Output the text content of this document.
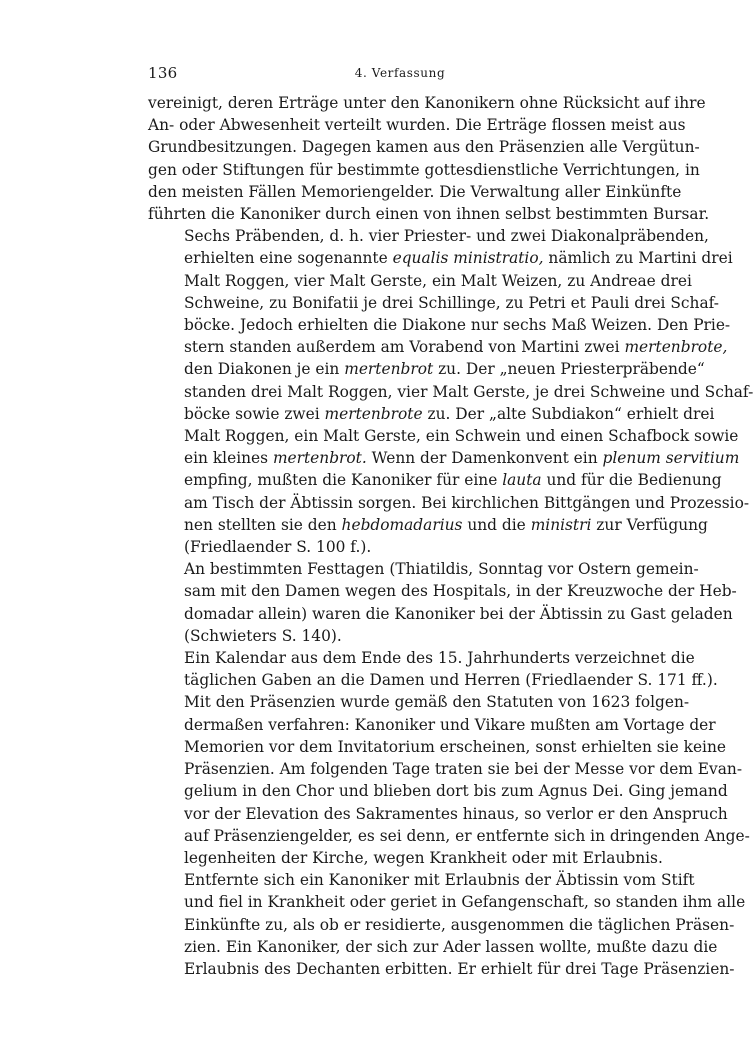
136	4. Verfassung
vereinigt, deren Erträge unter den Kanonikern ohne Rücksicht auf ihre
An- oder Abwesenheit verteilt wurden. Die Erträge flossen meist aus
Grundbesitzungen. Dagegen kamen aus den Präsenzien alle Vergütun-
gen oder Stiftungen für bestimmte gottesdienstliche Verrichtungen, in
den meisten Fällen Memoriengelder. Die Verwaltung aller Einkünfte
führten die Kanoniker durch einen von ihnen selbst bestimmten Bursar.
Sechs Präbenden, d. h. vier Priester- und zwei Diakonalpräbenden,
erhielten eine sogenannte equalis ministratio, nämlich zu Martini drei
Malt Roggen, vier Malt Gerste, ein Malt Weizen, zu Andreae drei
Schweine, zu Bonifatii je drei Schillinge, zu Petri et Pauli drei Schaf-
böcke. Jedoch erhielten die Diakone nur sechs Maß Weizen. Den Prie-
stern standen außerdem am Vorabend von Martini zwei mertenbrote,
den Diakonen je ein mertenbrot zu. Der „neuen Priesterpräbende“
standen drei Malt Roggen, vier Malt Gerste, je drei Schweine und Schaf-
böcke sowie zwei mertenbrote zu. Der „alte Subdiakon“ erhielt drei
Malt Roggen, ein Malt Gerste, ein Schwein und einen Schafbock sowie
ein kleines mertenbrot. Wenn der Damenkonvent ein plenum servitium
empfing, mußten die Kanoniker für eine lauta und für die Bedienung
am Tisch der Äbtissin sorgen. Bei kirchlichen Bittgängen und Prozessio-
nen stellten sie den hebdomadarius und die ministri zur Verfügung
(Friedlaender S. 100 f.).
An bestimmten Festtagen (Thiatildis, Sonntag vor Ostern gemein-
sam mit den Damen wegen des Hospitals, in der Kreuzwoche der Heb-
domadar allein) waren die Kanoniker bei der Äbtissin zu Gast geladen
(Schwieters S. 140).
Ein Kalendar aus dem Ende des 15. Jahrhunderts verzeichnet die
täglichen Gaben an die Damen und Herren (Friedlaender S. 171 ff.).
Mit den Präsenzien wurde gemäß den Statuten von 1623 folgen-
dermaßen verfahren: Kanoniker und Vikare mußten am Vortage der
Memorien vor dem Invitatorium erscheinen, sonst erhielten sie keine
Präsenzien. Am folgenden Tage traten sie bei der Messe vor dem Evan-
gelium in den Chor und blieben dort bis zum Agnus Dei. Ging jemand
vor der Elevation des Sakramentes hinaus, so verlor er den Anspruch
auf Präsenziengelder, es sei denn, er entfernte sich in dringenden Ange-
legenheiten der Kirche, wegen Krankheit oder mit Erlaubnis.
Entfernte sich ein Kanoniker mit Erlaubnis der Äbtissin vom Stift
und fiel in Krankheit oder geriet in Gefangenschaft, so standen ihm alle
Einkünfte zu, als ob er residierte, ausgenommen die täglichen Präsen-
zien. Ein Kanoniker, der sich zur Ader lassen wollte, mußte dazu die
Erlaubnis des Dechanten erbitten. Er erhielt für drei Tage Präsenzien-
